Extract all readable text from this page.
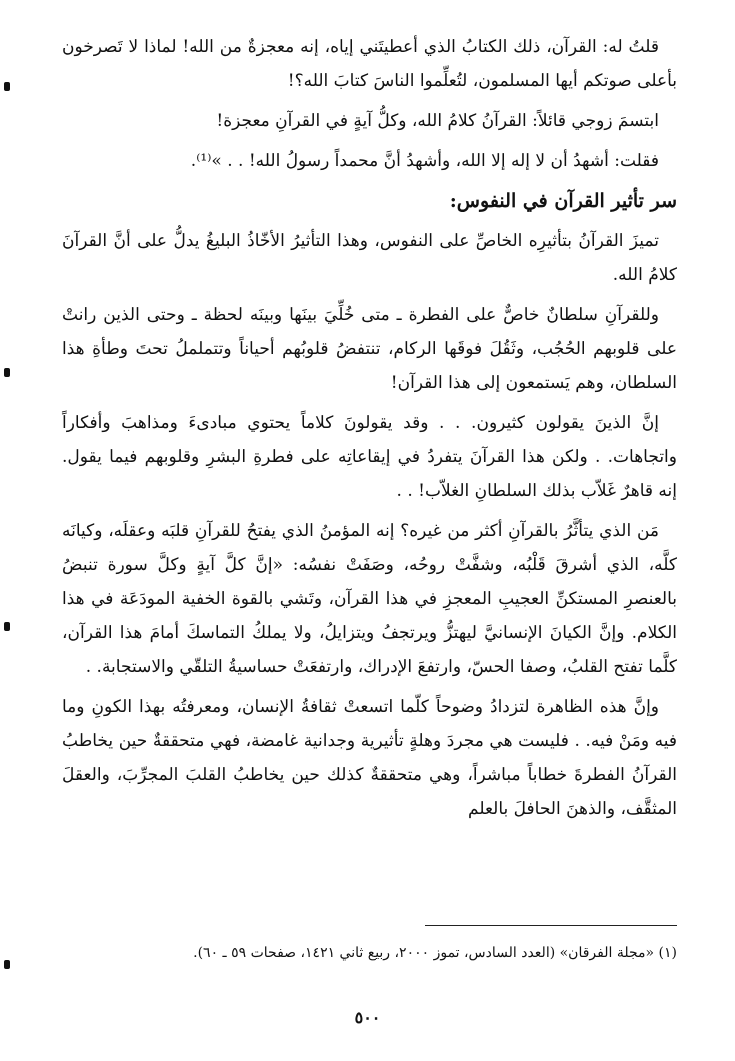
قلتُ له: القرآن، ذلك الكتابُ الذي أعطيتَني إياه، إنه معجزةٌ من الله! لماذا لا تَصرخون بأعلى صوتكم أيها المسلمون، لتُعلِّموا الناسَ كتابَ الله؟!

ابتسمَ زوجي قائلاً: القرآنُ كلامُ الله، وكلُّ آيةٍ في القرآنِ معجزة!

فقلت: أشهدُ أن لا إله إلا الله، وأشهدُ أنَّ محمداً رسولُ الله! . . »⁽¹⁾.

سر تأثير القرآن في النفوس:

تميزَ القرآنُ بتأثيرِه الخاصِّ على النفوس، وهذا التأثيرُ الأخّاذُ البليغُ يدلُّ على أنَّ القرآنَ كلامُ الله.

وللقرآنِ سلطانٌ خاصٌّ على الفطرة ـ متى خُلِّيَ بينَها وبينَه لحظة ـ وحتى الذين رانتْ على قلوبهم الحُجُب، وثَقُلَ فوقَها الركام، تنتفضُ قلوبُهم أحياناً وتتململُ تحتَ وطأةِ هذا السلطان، وهم يَستمعون إلى هذا القرآن!

إنَّ الذينَ يقولون كثيرون. . . وقد يقولونَ كلاماً يحتوي مبادىءَ ومذاهبَ وأفكاراً واتجاهات. . ولكن هذا القرآنَ يتفردُ في إيقاعاتِه على فطرةِ البشرِ وقلوبهم فيما يقول. إنه قاهرٌ غَلاّب بذلك السلطانِ الغلاّب! . .

مَن الذي يتأثَّرُ بالقرآنِ أكثر من غيره؟ إنه المؤمنُ الذي يفتحُ للقرآنِ قلبَه وعقلَه، وكيانَه كلَّه، الذي أشرقَ قَلْبُه، وشفَّتْ روحُه، وصَفَتْ نفسُه: «إنَّ كلَّ آيةٍ وكلَّ سورة تنبضُ بالعنصرِ المستكنِّ العجيبِ المعجزِ في هذا القرآن، وتَشي بالقوة الخفية المودَعَة في هذا الكلام. وإنَّ الكيانَ الإنسانيَّ ليهتزُّ ويرتجفُ ويتزايلُ، ولا يملكُ التماسكَ أمامَ هذا القرآن، كلَّما تفتح القلبُ، وصفا الحسّ، وارتفعَ الإدراك، وارتفعَتْ حساسيةُ التلقّي والاستجابة. .

وإنَّ هذه الظاهرة لتزدادُ وضوحاً كلّما اتسعتْ ثقافةُ الإنسان، ومعرفتُه بهذا الكونِ وما فيه ومَنْ فيه. . فليست هي مجردَ وهلةٍ تأثيرية وجدانية غامضة، فهي متحققةٌ حين يخاطبُ القرآنُ الفطرةَ خطاباً مباشراً، وهي متحققةٌ كذلك حين يخاطبُ القلبَ المجرِّبَ، والعقلَ المثقَّف، والذهنَ الحافلَ بالعلم

(١) «مجلة الفرقان» (العدد السادس، تموز ٢٠٠٠، ربيع ثاني ١٤٢١، صفحات ٥٩ ـ ٦٠).
٥٠٠
